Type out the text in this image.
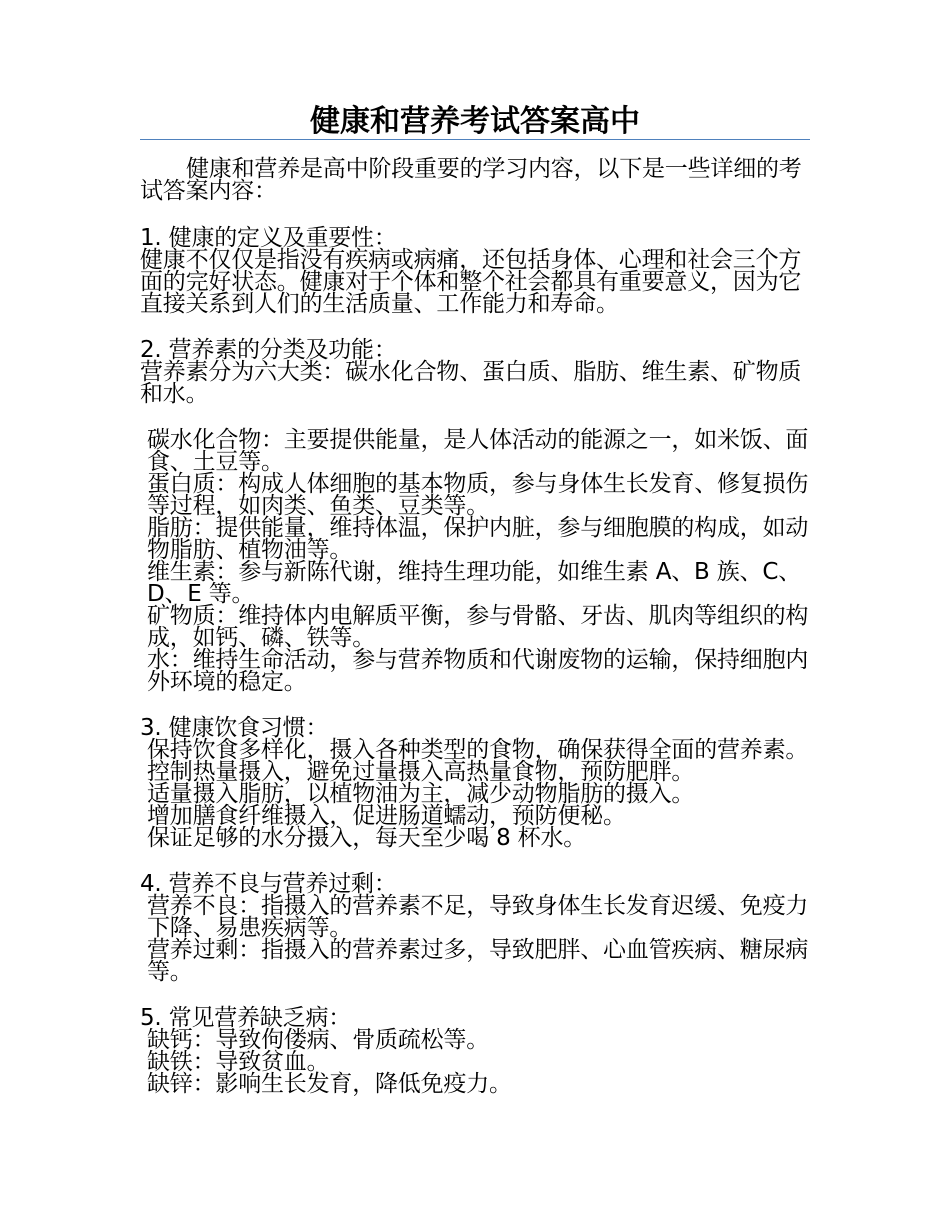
健康和营养考试答案高中

健康和营养是高中阶段重要的学习内容，以下是一些详细的考试答案内容：

1. 健康的定义及重要性：

健康不仅仅是指没有疾病或病痛，还包括身体、心理和社会三个方面的完好状态。健康对于个体和整个社会都具有重要意义，因为它直接关系到人们的生活质量、工作能力和寿命。

2. 营养素的分类及功能：

营养素分为六大类：碳水化合物、蛋白质、脂肪、维生素、矿物质和水。

碳水化合物：主要提供能量，是人体活动的能源之一，如米饭、面食、土豆等。

蛋白质：构成人体细胞的基本物质，参与身体生长发育、修复损伤等过程，如肉类、鱼类、豆类等。

脂肪：提供能量，维持体温，保护内脏，参与细胞膜的构成，如动物脂肪、植物油等。

维生素：参与新陈代谢，维持生理功能，如维生素 A、B 族、C、D、E 等。

矿物质：维持体内电解质平衡，参与骨骼、牙齿、肌肉等组织的构成，如钙、磷、铁等。

水：维持生命活动，参与营养物质和代谢废物的运输，保持细胞内外环境的稳定。

3. 健康饮食习惯：

保持饮食多样化，摄入各种类型的食物，确保获得全面的营养素。

控制热量摄入，避免过量摄入高热量食物，预防肥胖。

适量摄入脂肪，以植物油为主，减少动物脂肪的摄入。

增加膳食纤维摄入，促进肠道蠕动，预防便秘。

保证足够的水分摄入，每天至少喝 8 杯水。

4. 营养不良与营养过剩：

营养不良：指摄入的营养素不足，导致身体生长发育迟缓、免疫力下降、易患疾病等。

营养过剩：指摄入的营养素过多，导致肥胖、心血管疾病、糖尿病等。

5. 常见营养缺乏病：

缺钙：导致佝偻病、骨质疏松等。

缺铁：导致贫血。

缺锌：影响生长发育，降低免疫力。
